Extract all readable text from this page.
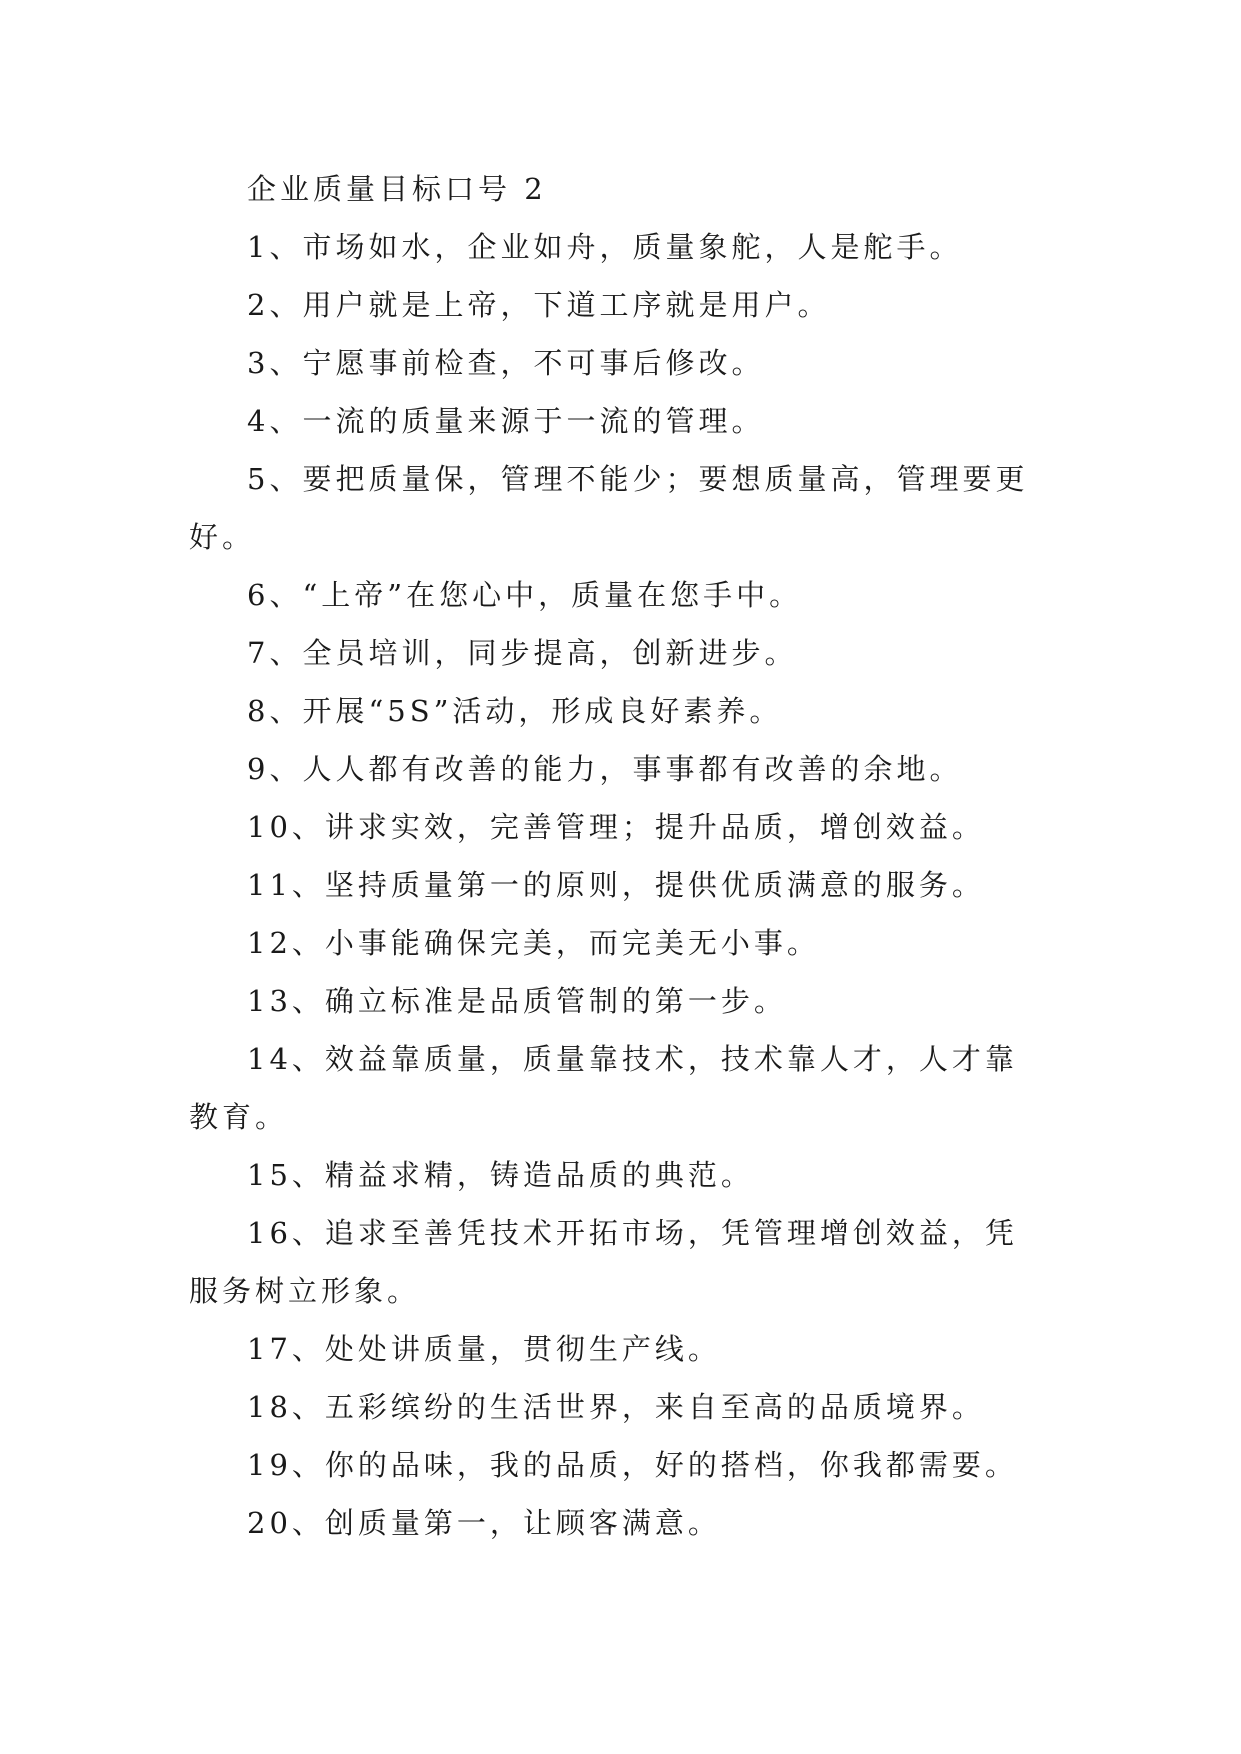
企业质量目标口号 2

1、市场如水，企业如舟，质量象舵，人是舵手。

2、用户就是上帝，下道工序就是用户。

3、宁愿事前检查，不可事后修改。

4、一流的质量来源于一流的管理。

5、要把质量保，管理不能少；要想质量高，管理要更好。

6、“上帝”在您心中，质量在您手中。

7、全员培训，同步提高，创新进步。

8、开展“5S”活动，形成良好素养。

9、人人都有改善的能力，事事都有改善的余地。

10、讲求实效，完善管理；提升品质，增创效益。

11、坚持质量第一的原则，提供优质满意的服务。

12、小事能确保完美，而完美无小事。

13、确立标准是品质管制的第一步。

14、效益靠质量，质量靠技术，技术靠人才，人才靠教育。

15、精益求精，铸造品质的典范。

16、追求至善凭技术开拓市场，凭管理增创效益，凭服务树立形象。

17、处处讲质量，贯彻生产线。

18、五彩缤纷的生活世界，来自至高的品质境界。

19、你的品味，我的品质，好的搭档，你我都需要。

20、创质量第一，让顾客满意。
